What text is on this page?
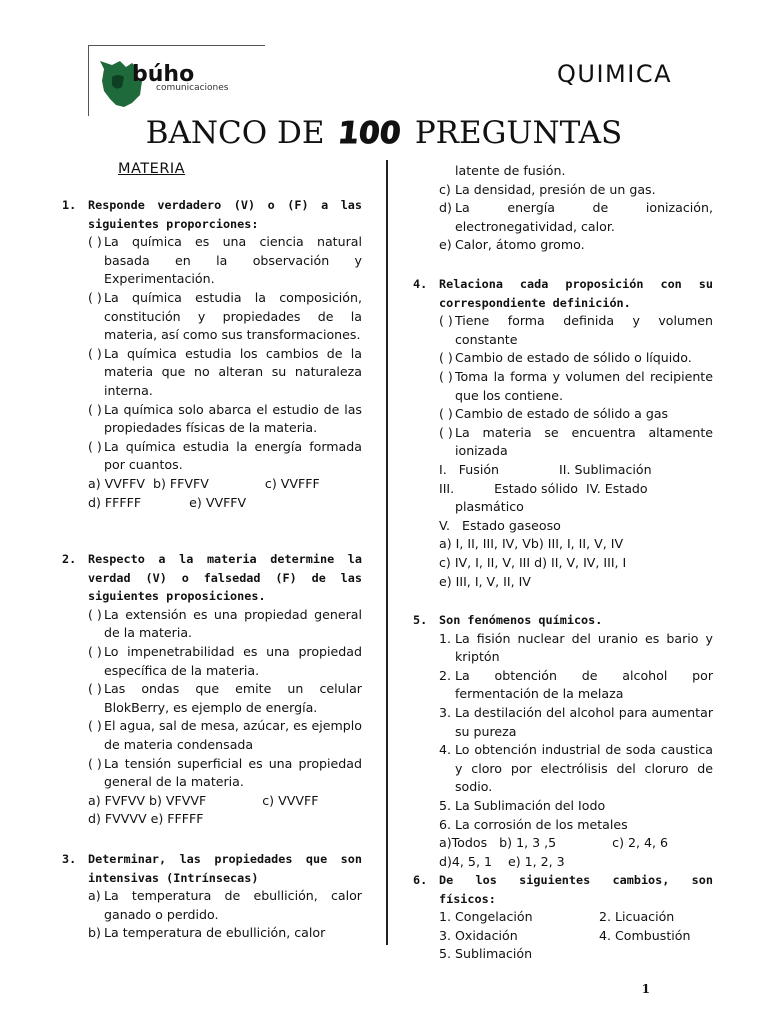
búho
comunicaciones	QUIMICA
BANCO DE 100 PREGUNTAS
MATERIA
1. Responde verdadero (V) o (F) a las siguientes proporciones:
( ) La química es una ciencia natural basada en la observación y Experimentación.
( ) La química estudia la composición, constitución y propiedades de la materia, así como sus transformaciones.
( ) La química estudia los cambios de la materia que no alteran su naturaleza interna.
( ) La química solo abarca el estudio de las propiedades físicas de la materia.
( ) La química estudia la energía formada por cuantos.
a) VVFFV  b) FFVFV              c) VVFFF
d) FFFFF            e) VVFFV
2. Respecto a la materia determine la verdad (V) o falsedad (F) de las siguientes proposiciones.
( ) La extensión es una propiedad general de la materia.
( ) Lo impenetrabilidad es una propiedad específica de la materia.
( ) Las ondas que emite un celular BlokBerry, es ejemplo de energía.
( ) El agua, sal de mesa, azúcar, es ejemplo de materia condensada
( ) La tensión superficial es una propiedad general de la materia.
a) FVFVV b) VFVVF              c) VVVFF
d) FVVVV e) FFFFF
3. Determinar, las propiedades que son intensivas (Intrínsecas)
a) La temperatura de ebullición, calor ganado o perdido.
b) La temperatura de ebullición, calor
latente de fusión.
c) La densidad, presión de un gas.
d) La energía de ionización, electronegatividad, calor.
e) Calor, átomo gromo.
4. Relaciona cada proposición con su correspondiente definición.
( ) Tiene forma definida y volumen constante
( ) Cambio de estado de sólido o líquido.
( ) Toma la forma y volumen del recipiente que los contiene.
( ) Cambio de estado de sólido a gas
( ) La materia se encuentra altamente ionizada
I.   Fusión               II. Sublimación
III.          Estado sólido  IV. Estado
plasmático
V.   Estado gaseoso
a) I, II, III, IV, Vb) III, I, II, V, IV
c) IV, I, II, V, III d) II, V, IV, III, I
e) III, I, V, II, IV
5. Son fenómenos químicos.
1. La fisión nuclear del uranio es bario y kriptón
2. La obtención de alcohol por fermentación de la melaza
3. La destilación del alcohol para aumentar su pureza
4. Lo obtención industrial de soda caustica y cloro por electrólisis del cloruro de sodio.
5. La Sublimación del Iodo
6. La corrosión de los metales
a)Todos   b) 1, 3 ,5              c) 2, 4, 6
d)4, 5, 1    e) 1, 2, 3
6. De los siguientes cambios, son físicos:
1. Congelación	2. Licuación
3. Oxidación	4. Combustión
5. Sublimación
1
